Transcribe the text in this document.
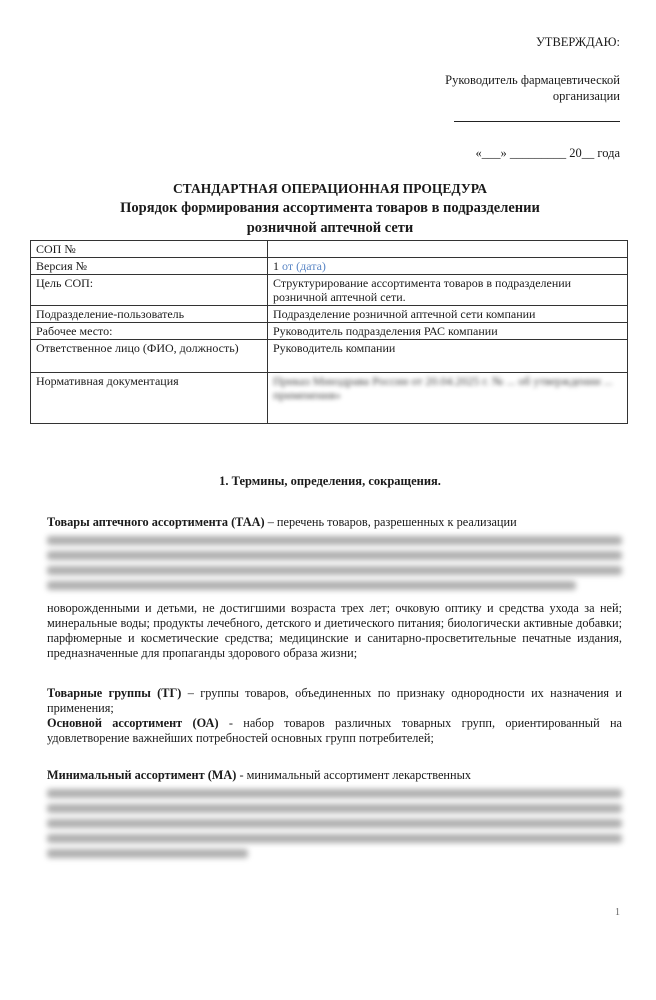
УТВЕРЖДАЮ:
Руководитель фармацевтической
организации
«___» _________ 20__ года
СТАНДАРТНАЯ ОПЕРАЦИОННАЯ ПРОЦЕДУРА
Порядок формирования ассортимента товаров в подразделении
розничной аптечной сети
СОП №	
Версия №	1 от (дата)
Цель СОП:	Структурирование ассортимента товаров в подразделении розничной аптечной сети.
Подразделение-пользователь	Подразделение розничной аптечной сети компании
Рабочее место:	Руководитель подразделения РАС компании
Ответственное лицо (ФИО, должность)	Руководитель компании
Нормативная документация	Приказ Минздрава России от 20.04.2025 г. № ... об утверждении ... применения»
1. Термины, определения, сокращения.
Товары аптечного ассортимента (ТАА) – перечень товаров, разрешенных к реализации
новорожденными и детьми, не достигшими возраста трех лет; очковую оптику и средства ухода за ней; минеральные воды; продукты лечебного, детского и диетического питания; биологически активные добавки; парфюмерные и косметические средства; медицинские и санитарно-просветительные печатные издания, предназначенные для пропаганды здорового образа жизни;
Товарные группы (ТГ) – группы товаров, объединенных по признаку однородности их назначения и применения;
Основной ассортимент (ОА) - набор товаров различных товарных групп, ориентированный на удовлетворение важнейших потребностей основных групп потребителей;
Минимальный ассортимент (МА) - минимальный ассортимент лекарственных
1
